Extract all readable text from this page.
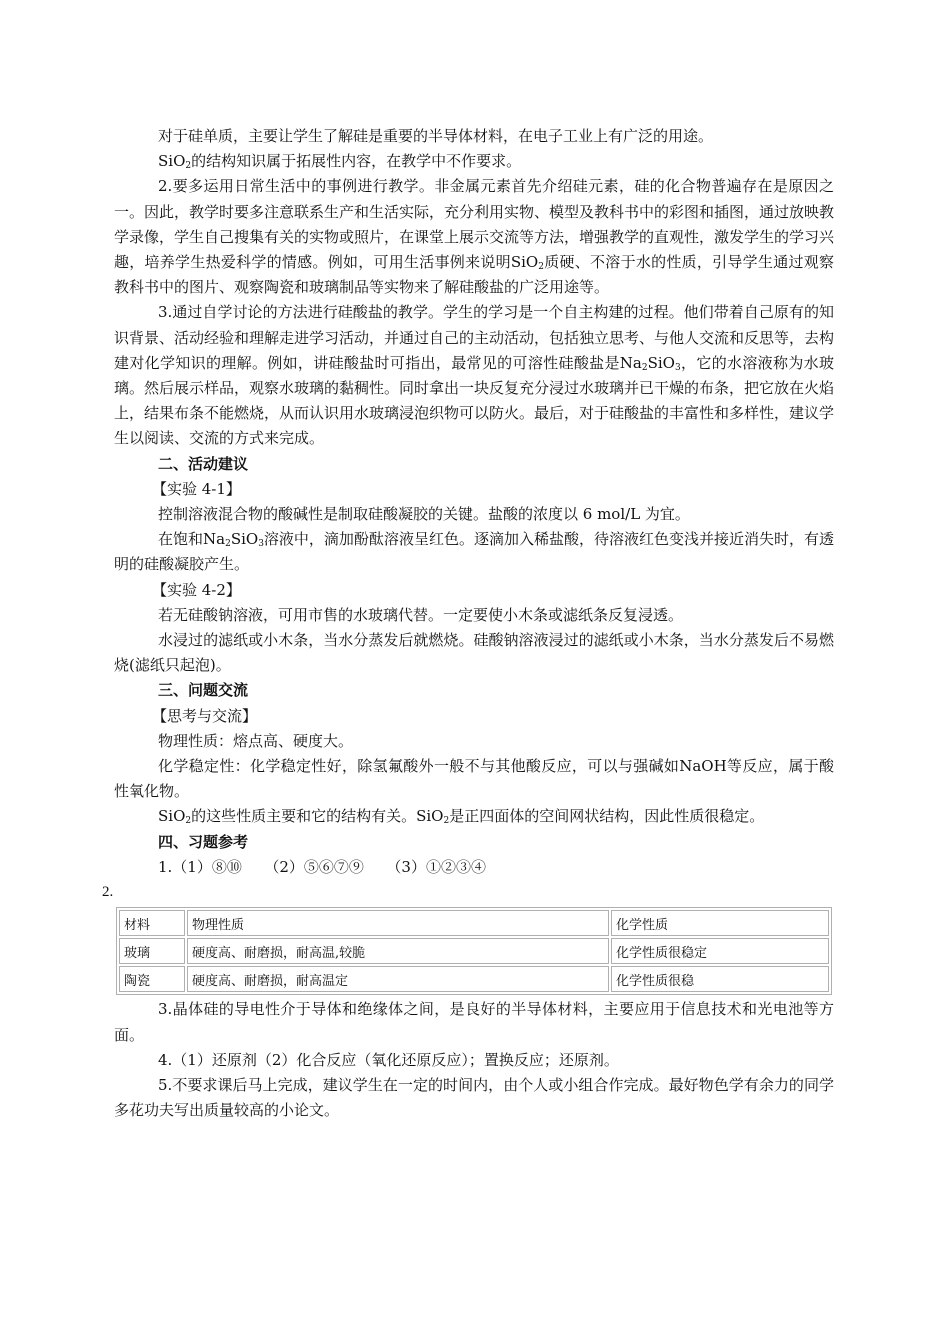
对于硅单质，主要让学生了解硅是重要的半导体材料，在电子工业上有广泛的用途。

SiO$_2$的结构知识属于拓展性内容，在教学中不作要求。

2.要多运用日常生活中的事例进行教学。非金属元素首先介绍硅元素，硅的化合物普遍存在是原因之一。因此，教学时要多注意联系生产和生活实际，充分利用实物、模型及教科书中的彩图和插图，通过放映教学录像，学生自己搜集有关的实物或照片，在课堂上展示交流等方法，增强教学的直观性，激发学生的学习兴趣，培养学生热爱科学的情感。例如，可用生活事例来说明SiO$_2$质硬、不溶于水的性质，引导学生通过观察教科书中的图片、观察陶瓷和玻璃制品等实物来了解硅酸盐的广泛用途等。

3.通过自学讨论的方法进行硅酸盐的教学。学生的学习是一个自主构建的过程。他们带着自己原有的知识背景、活动经验和理解走进学习活动，并通过自己的主动活动，包括独立思考、与他人交流和反思等，去构建对化学知识的理解。例如，讲硅酸盐时可指出，最常见的可溶性硅酸盐是$Na_2SiO_3$，它的水溶液称为水玻璃。然后展示样品，观察水玻璃的黏稠性。同时拿出一块反复充分浸过水玻璃并已干燥的布条，把它放在火焰上，结果布条不能燃烧，从而认识用水玻璃浸泡织物可以防火。最后，对于硅酸盐的丰富性和多样性，建议学生以阅读、交流的方式来完成。

二、活动建议

【实验 4-1】

控制溶液混合物的酸碱性是制取硅酸凝胶的关键。盐酸的浓度以 6 mol/L 为宜。

在饱和$Na_2SiO_3$溶液中，滴加酚酞溶液呈红色。逐滴加入稀盐酸，待溶液红色变浅并接近消失时，有透明的硅酸凝胶产生。

【实验 4-2】

若无硅酸钠溶液，可用市售的水玻璃代替。一定要使小木条或滤纸条反复浸透。

水浸过的滤纸或小木条，当水分蒸发后就燃烧。硅酸钠溶液浸过的滤纸或小木条，当水分蒸发后不易燃烧(滤纸只起泡)。

三、问题交流

【思考与交流】

物理性质：熔点高、硬度大。

化学稳定性：化学稳定性好，除氢氟酸外一般不与其他酸反应，可以与强碱如NaOH等反应，属于酸性氧化物。

SiO$_2$的这些性质主要和它的结构有关。SiO$_2$是正四面体的空间网状结构，因此性质很稳定。

四、习题参考

1.（1）⑧⑩　　（2）⑤⑥⑦⑨　　（3）①②③④

2.

材料	物理性质	化学性质
玻璃	硬度高、耐磨损，耐高温,较脆	化学性质很稳定
陶瓷	硬度高、耐磨损，耐高温定	化学性质很稳

3.晶体硅的导电性介于导体和绝缘体之间，是良好的半导体材料，主要应用于信息技术和光电池等方面。

4.（1）还原剂（2）化合反应（氧化还原反应）；置换反应；还原剂。

5.不要求课后马上完成，建议学生在一定的时间内，由个人或小组合作完成。最好物色学有余力的同学多花功夫写出质量较高的小论文。
